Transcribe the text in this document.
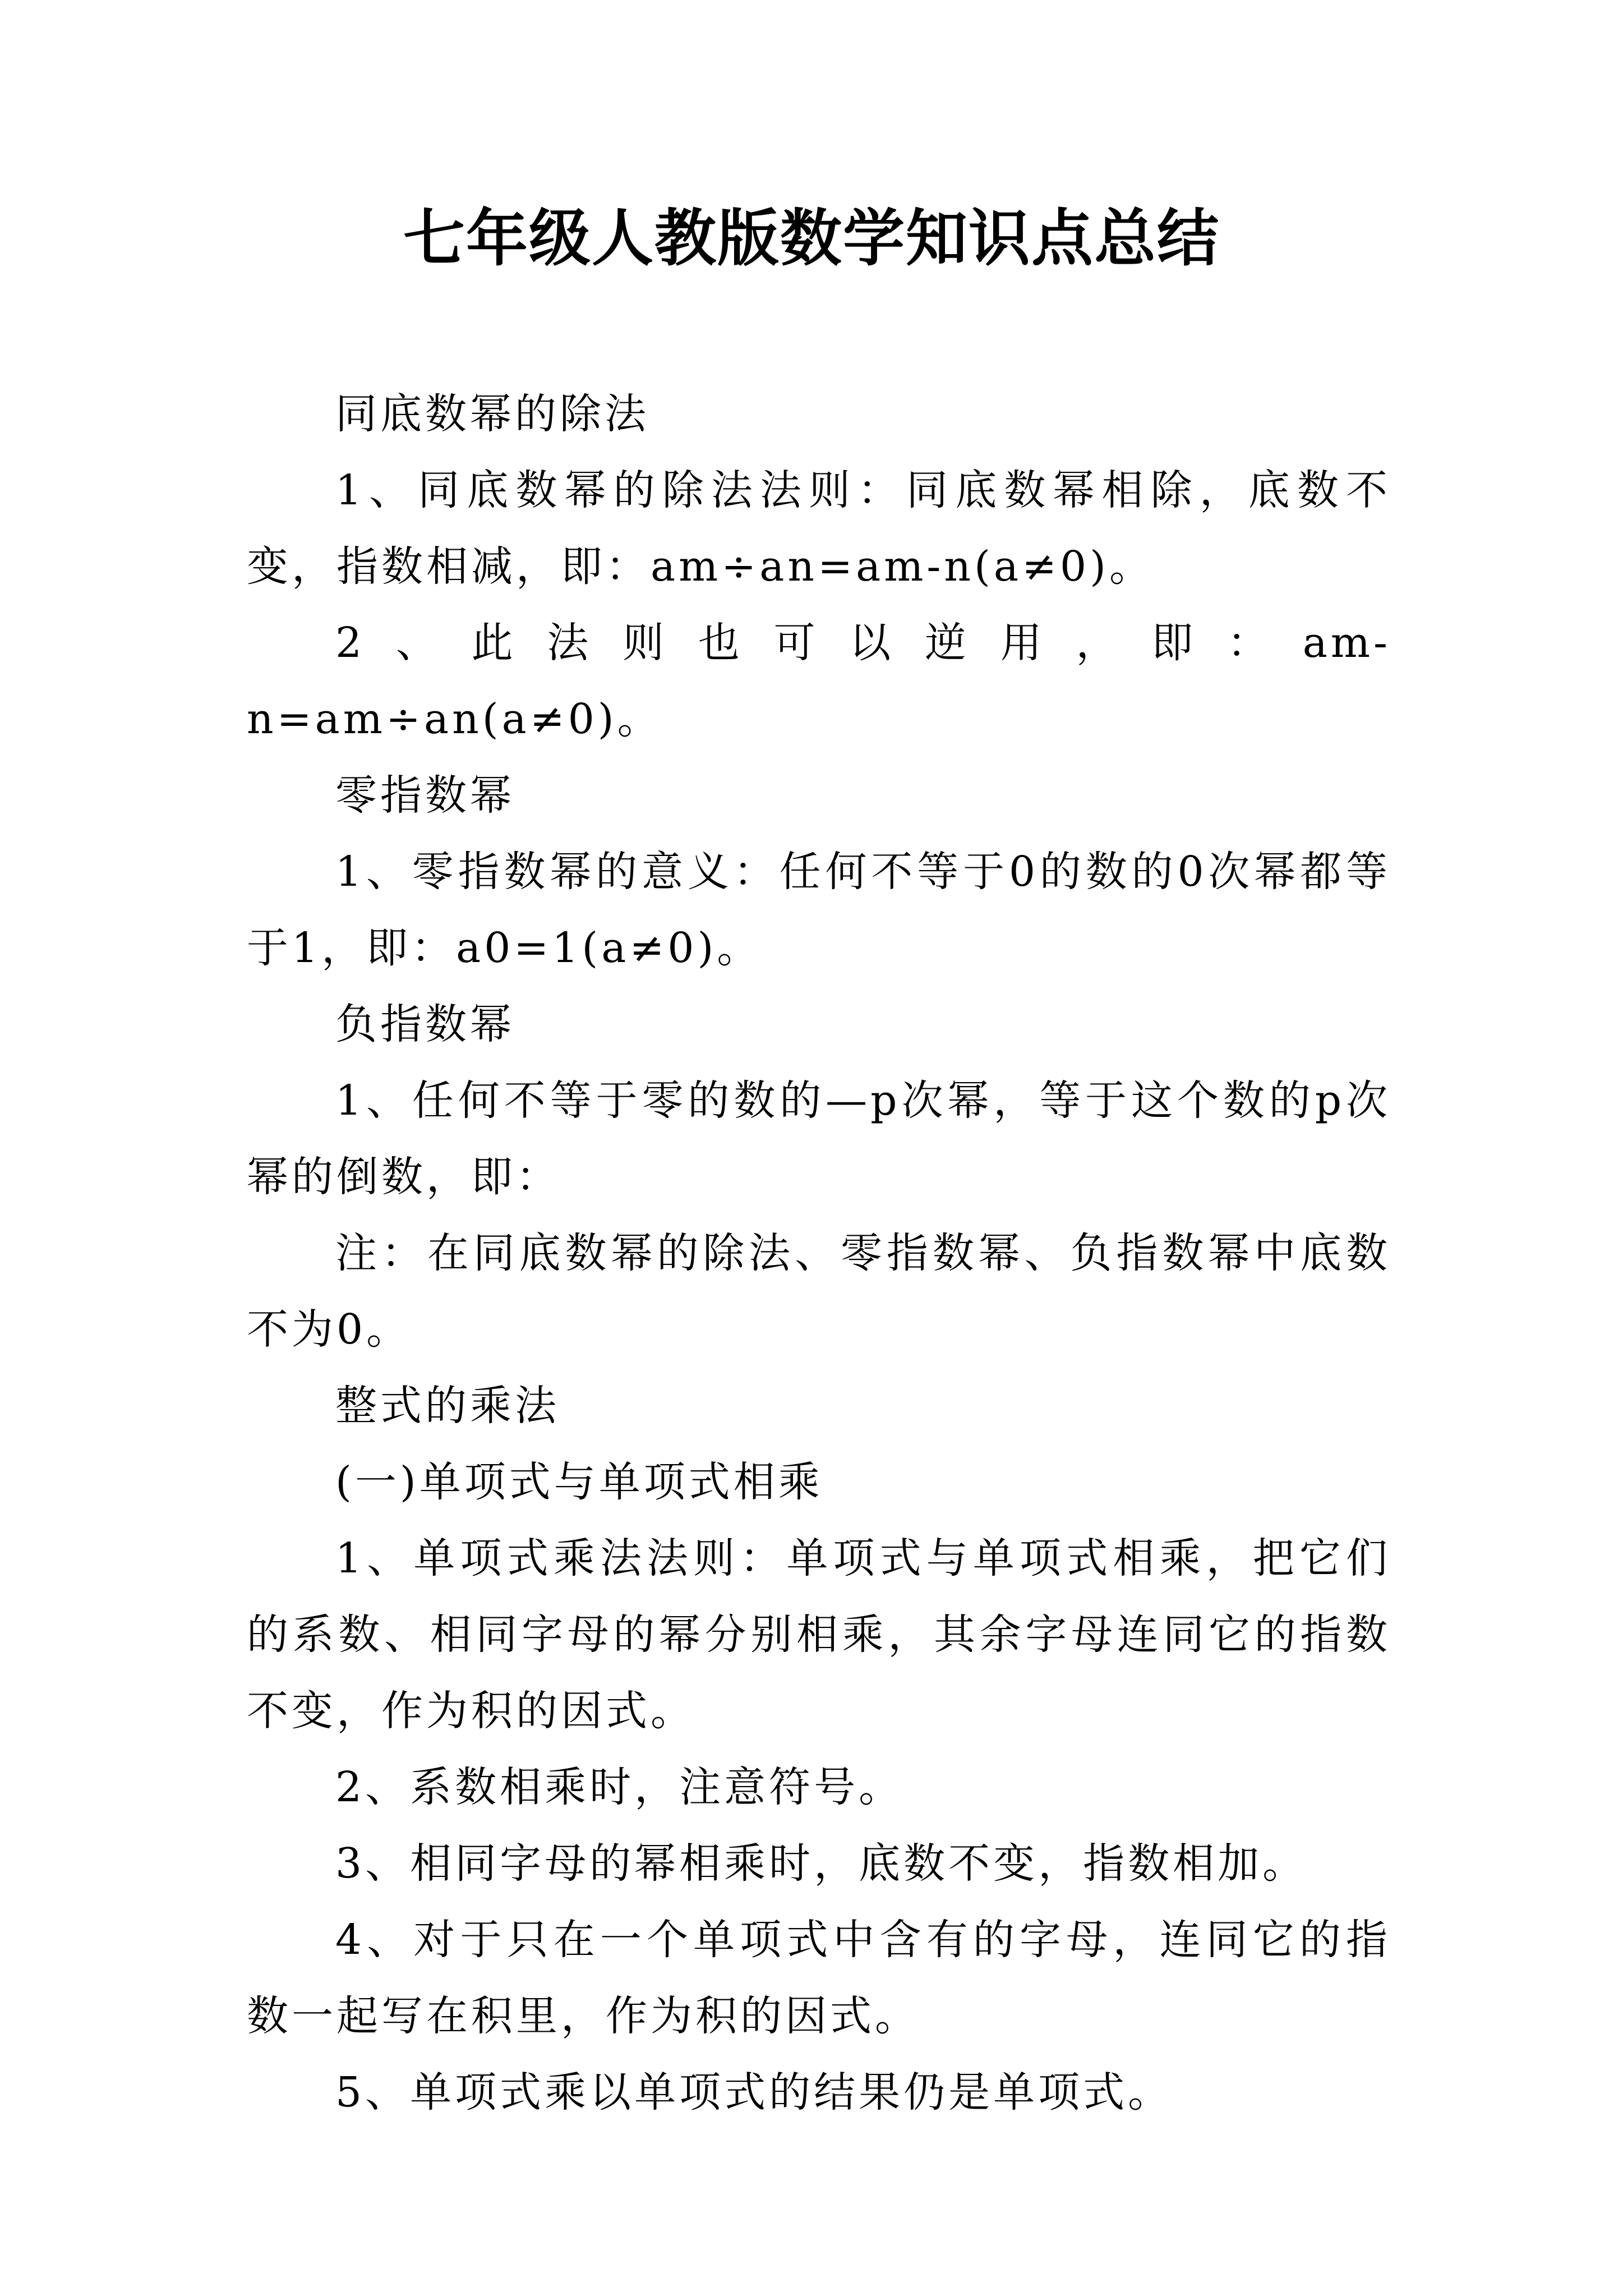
七年级人教版数学知识点总结

同底数幂的除法

1、同底数幂的除法法则：同底数幂相除，底数不变，指数相减，即：am÷an=am-n(a≠0)。

2、此法则也可以逆用，即：am-n=am÷an(a≠0)。

零指数幂

1、零指数幂的意义：任何不等于0的数的0次幂都等于1，即：a0=1(a≠0)。

负指数幂

1、任何不等于零的数的—p次幂，等于这个数的p次幂的倒数，即：

注：在同底数幂的除法、零指数幂、负指数幂中底数不为0。

整式的乘法

(一)单项式与单项式相乘

1、单项式乘法法则：单项式与单项式相乘，把它们的系数、相同字母的幂分别相乘，其余字母连同它的指数不变，作为积的因式。

2、系数相乘时，注意符号。

3、相同字母的幂相乘时，底数不变，指数相加。

4、对于只在一个单项式中含有的字母，连同它的指数一起写在积里，作为积的因式。

5、单项式乘以单项式的结果仍是单项式。
